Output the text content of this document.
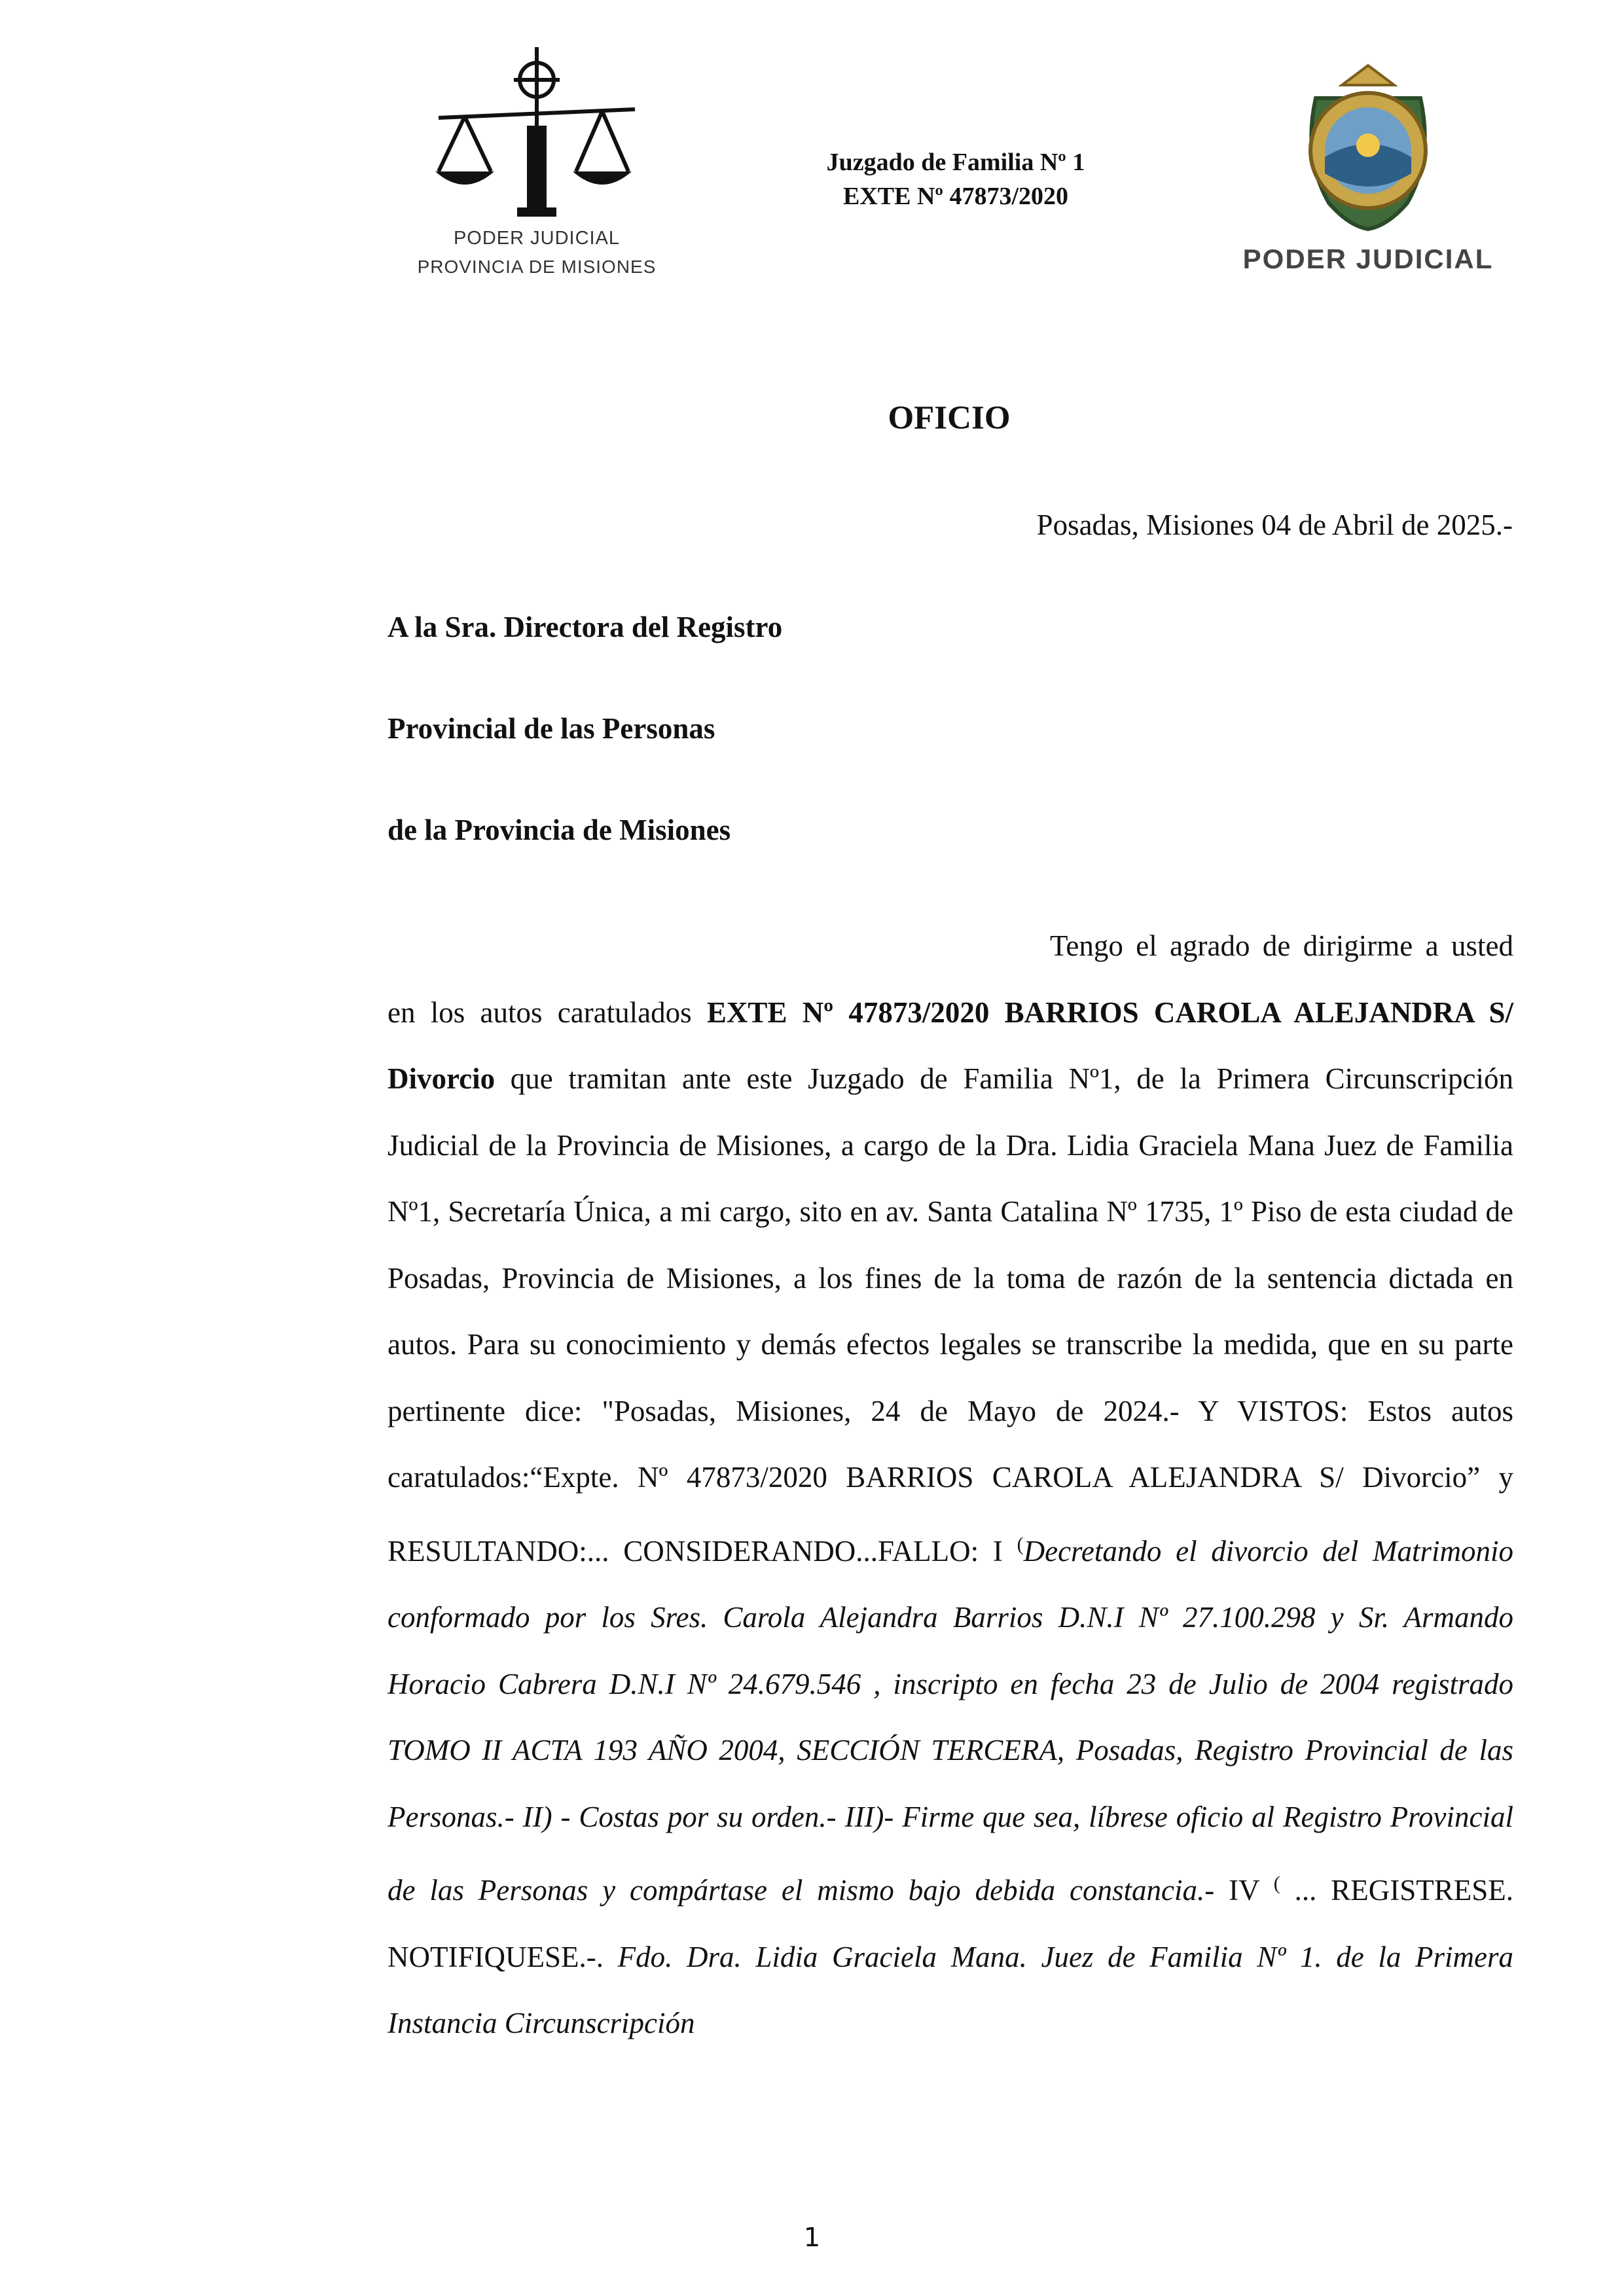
PODER JUDICIAL
PROVINCIA DE MISIONES
Juzgado de Familia Nº 1
EXTE Nº 47873/2020
PODER JUDICIAL
OFICIO
Posadas, Misiones 04 de Abril de 2025.-
A la Sra. Directora del Registro
Provincial de las Personas
de la Provincia de Misiones
Tengo el agrado de dirigirme a usted en los autos caratulados EXTE Nº 47873/2020 BARRIOS CAROLA ALEJANDRA S/ Divorcio que tramitan ante este Juzgado de Familia Nº1, de la Primera Circunscripción Judicial de la Provincia de Misiones, a cargo de la Dra. Lidia Graciela Mana Juez de Familia Nº1, Secretaría Única, a mi cargo, sito en av. Santa Catalina Nº 1735, 1º Piso de esta ciudad de Posadas, Provincia de Misiones, a los fines de la toma de razón de la sentencia dictada en autos. Para su conocimiento y demás efectos legales se transcribe la medida, que en su parte pertinente dice: "Posadas, Misiones, 24 de Mayo de 2024.- Y VISTOS: Estos autos caratulados:“Expte. Nº 47873/2020 BARRIOS CAROLA ALEJANDRA S/ Divorcio” y RESULTANDO:... CONSIDERANDO...FALLO: I (Decretando el divorcio del Matrimonio conformado por los Sres. Carola Alejandra Barrios D.N.I Nº 27.100.298 y Sr. Armando Horacio Cabrera D.N.I Nº 24.679.546 , inscripto en fecha 23 de Julio de 2004 registrado TOMO II ACTA 193 AÑO 2004, SECCIÓN TERCERA, Posadas, Registro Provincial de las Personas.- II) - Costas por su orden.- III)- Firme que sea, líbrese oficio al Registro Provincial de las Personas y compártase el mismo bajo debida constancia.- IV ( ... REGISTRESE. NOTIFIQUESE.-. Fdo. Dra. Lidia Graciela Mana. Juez de Familia Nº 1. de la Primera Instancia Circunscripción
1
